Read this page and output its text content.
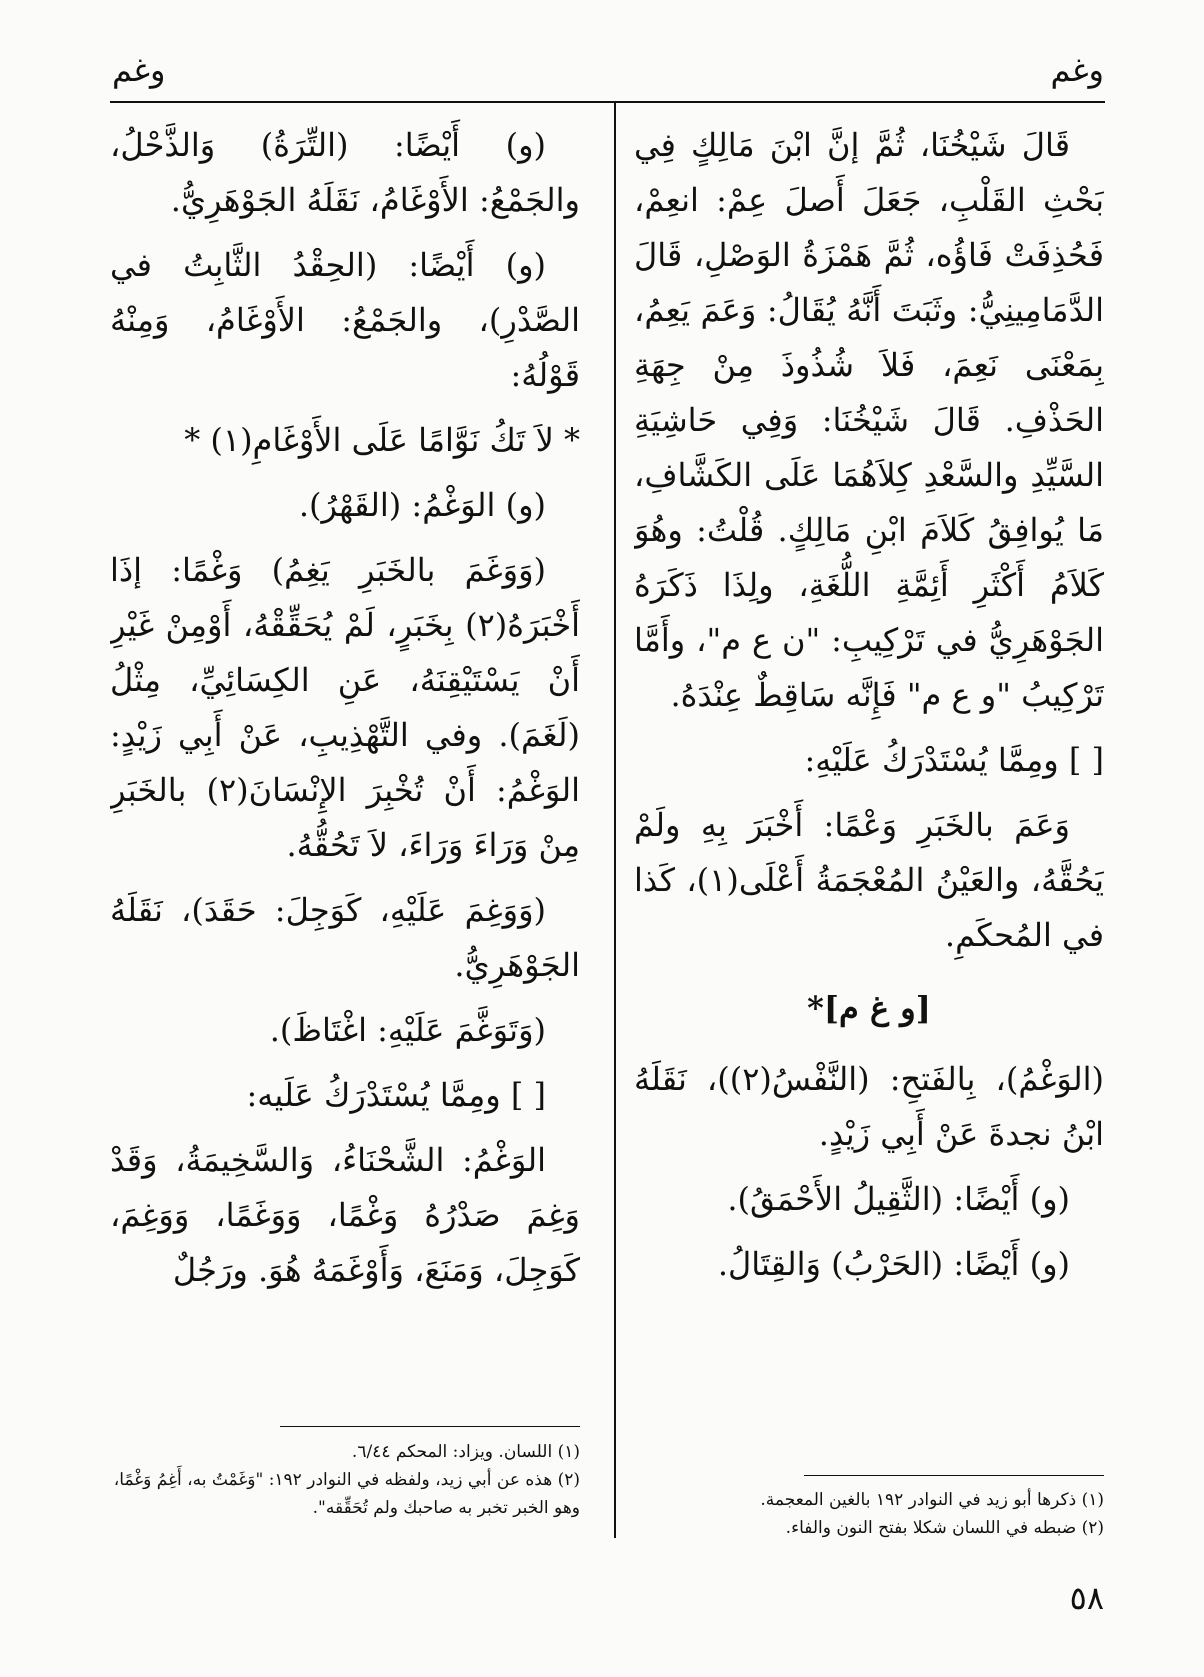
وغم
وغم

قَالَ شَيْخُنَا، ثُمَّ إنَّ ابْنَ مَالِكٍ فِي بَحْثِ القَلْبِ، جَعَلَ أَصلَ عِمْ: انعِمْ، فَحُذِفَتْ فَاؤُه، ثُمَّ هَمْزَةُ الوَصْلِ، قَالَ الدَّمَامِينِيُّ: وثَبَتَ أَنَّهُ يُقَالُ: وَعَمَ يَعِمُ، بِمَعْنَى نَعِمَ، فَلاَ شُذُوذَ مِنْ جِهَةِ الحَذْفِ. قَالَ شَيْخُنَا: وَفِي حَاشِيَةِ السَّيِّدِ والسَّعْدِ كِلاَهُمَا عَلَى الكَشَّافِ، مَا يُوافِقُ كَلاَمَ ابْنِ مَالِكٍ. قُلْتُ: وهُوَ كَلاَمُ أَكْثَرِ أَئِمَّةِ اللُّغَةِ، ولِذَا ذَكَرَهُ الجَوْهَرِيُّ في تَرْكِيبِ: "ن ع م"، وأَمَّا تَرْكِيبُ "و ع م" فَإِنَّه سَاقِطٌ عِنْدَهُ.

[ ] ومِمَّا يُسْتَدْرَكُ عَلَيْهِ:

وَعَمَ بالخَبَرِ وَعْمًا: أَخْبَرَ بِهِ ولَمْ يَحُقَّهُ، والعَيْنُ المُعْجَمَةُ أَعْلَى(١)، كَذا في المُحكَمِ.

[و غ م]*

(الوَغْمُ)، بِالفَتحِ: (النَّفْسُ(٢))، نَقَلَهُ ابْنُ نجدةَ عَنْ أَبِي زَيْدٍ.

(و) أَيْضًا: (الثَّقِيلُ الأَحْمَقُ).

(و) أَيْضًا: (الحَرْبُ) وَالقِتَالُ.

(و) أَيْضًا: (التِّرَةُ) وَالذَّحْلُ، والجَمْعُ: الأَوْغَامُ، نَقَلَهُ الجَوْهَرِيُّ.

(و) أَيْضًا: (الحِقْدُ الثَّابِتُ في الصَّدْرِ)، والجَمْعُ: الأَوْغَامُ، وَمِنْهُ قَوْلُهُ:

* لاَ تَكُ نَوَّامًا عَلَى الأَوْغَامِ(١) *

(و) الوَغْمُ: (القَهْرُ).

(وَوَغَمَ بالخَبَرِ يَغِمُ) وَغْمًا: إذَا أَخْبَرَهُ(٢) بِخَبَرٍ، لَمْ يُحَقِّقْهُ، أَوْمِنْ غَيْرِ أَنْ يَسْتَيْقِنَهُ، عَنِ الكِسَائِيِّ، مِثْلُ (لَغَمَ). وفي التَّهْذِيبِ، عَنْ أَبِي زَيْدٍ: الوَغْمُ: أَنْ تُخْبِرَ الإِنْسَانَ(٢) بالخَبَرِ مِنْ وَرَاءَ وَرَاءَ، لاَ تَحُقُّهُ.

(وَوَغِمَ عَلَيْهِ، كَوَجِلَ: حَقَدَ)، نَقَلَهُ الجَوْهَرِيُّ.

(وَتَوَغَّمَ عَلَيْهِ: اغْتَاظَ).

[ ] ومِمَّا يُسْتَدْرَكُ عَلَيه:

الوَغْمُ: الشَّحْنَاءُ، وَالسَّخِيمَةُ، وَقَدْ وَغِمَ صَدْرُهُ وَغْمًا، وَوَغَمًا، وَوَغِمَ، كَوَجِلَ، وَمَنَعَ، وَأَوْغَمَهُ هُوَ. ورَجُلٌ

(١) ذكرها أبو زيد في النوادر ١٩٢ بالغين المعجمة.
(٢) ضبطه في اللسان شكلا بفتح النون والفاء.
(١) اللسان. ويزاد: المحكم ٦/٤٤.
(٢) هذه عن أبي زيد، ولفظه في النوادر ١٩٢: "وَغَمْتُ به، أَغِمُ وَغْمًا، وهو الخبر تخبر به صاحبك ولم تُحَقِّقه".
٥٨
